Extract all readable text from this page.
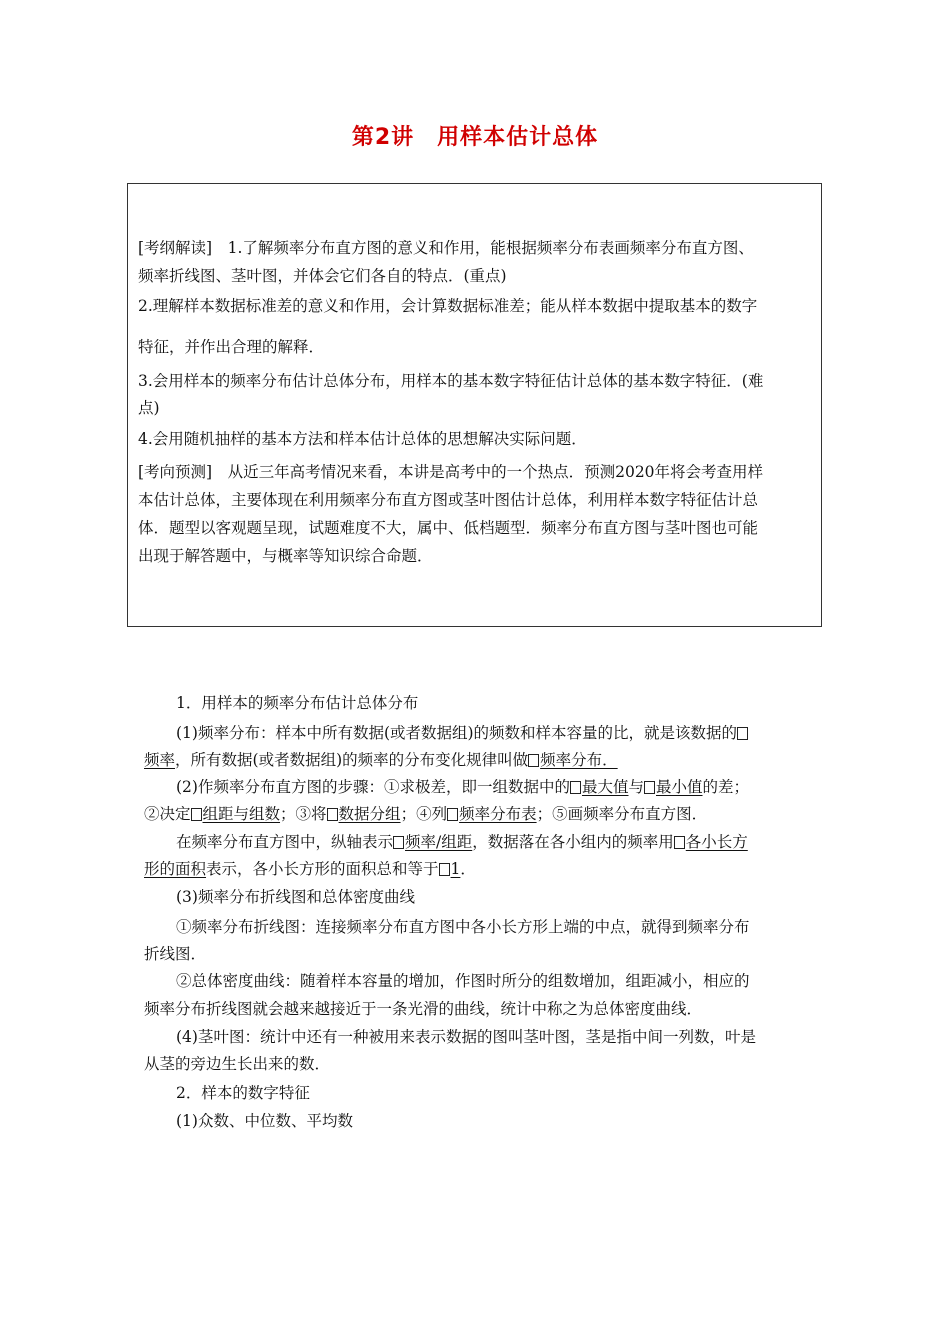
第2讲　用样本估计总体
[考纲解读]　1.了解频率分布直方图的意义和作用，能根据频率分布表画频率分布直方图、
频率折线图、茎叶图，并体会它们各自的特点．(重点)
2.理解样本数据标准差的意义和作用，会计算数据标准差；能从样本数据中提取基本的数字
特征，并作出合理的解释．
3.会用样本的频率分布估计总体分布，用样本的基本数字特征估计总体的基本数字特征．(难
点)
4.会用随机抽样的基本方法和样本估计总体的思想解决实际问题．
[考向预测]　从近三年高考情况来看，本讲是高考中的一个热点．预测2020年将会考查用样
本估计总体，主要体现在利用频率分布直方图或茎叶图估计总体，利用样本数字特征估计总
体．题型以客观题呈现，试题难度不大，属中、低档题型．频率分布直方图与茎叶图也可能
出现于解答题中，与概率等知识综合命题．
1．用样本的频率分布估计总体分布
(1)频率分布：样本中所有数据(或者数据组)的频数和样本容量的比，就是该数据的
频率，所有数据(或者数据组)的频率的分布变化规律叫做 频率分布．
(2)作频率分布直方图的步骤：①求极差，即一组数据中的 最大值与 最小值的差；
②决定 组距与组数；③将 数据分组；④列 频率分布表；⑤画频率分布直方图．
在频率分布直方图中，纵轴表示 频率/组距，数据落在各小组内的频率用 各小长方
形的面积表示，各小长方形的面积总和等于 1．
(3)频率分布折线图和总体密度曲线
①频率分布折线图：连接频率分布直方图中各小长方形上端的中点，就得到频率分布
折线图．
②总体密度曲线：随着样本容量的增加，作图时所分的组数增加，组距减小，相应的
频率分布折线图就会越来越接近于一条光滑的曲线，统计中称之为总体密度曲线．
(4)茎叶图：统计中还有一种被用来表示数据的图叫茎叶图，茎是指中间一列数，叶是
从茎的旁边生长出来的数．
2．样本的数字特征
(1)众数、中位数、平均数
